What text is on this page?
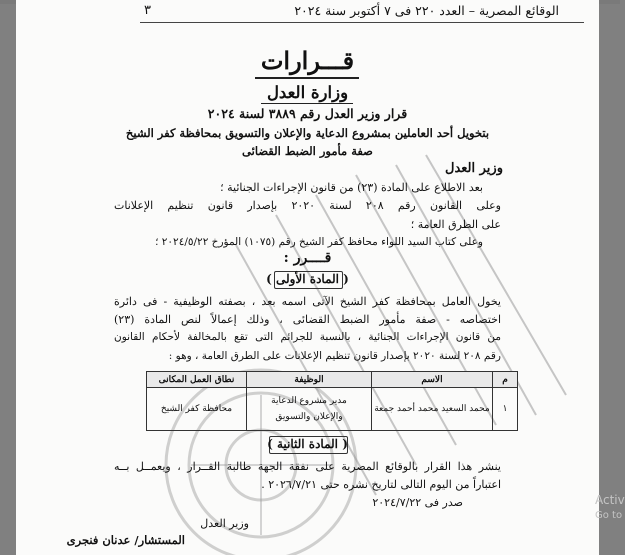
الوقائع المصرية – العدد ٢٢٠ فى ٧ أكتوبر سنة ٢٠٢٤
٣
قـــرارات
وزارة العدل
قرار وزير العدل رقم ٣٨٨٩ لسنة ٢٠٢٤
بتخويل أحد العاملين بمشروع الدعاية والإعلان والتسويق بمحافظة كفر الشيخ
صفة مأمور الضبط القضائى
وزير العدل
بعد الاطلاع على المادة (٢٣) من قانون الإجراءات الجنائية ؛
وعلى القانون رقم ٢٠٨ لسنة ٢٠٢٠ بإصدار قانون تنظيم الإعلانات
على الطرق العامة ؛
وعلى كتاب السيد اللواء محافظ كفر الشيخ رقم (١٠٧٥) المؤرخ ٢٠٢٤/٥/٢٢ ؛
قــــرر :
( المادة الأولى )
يخول العامل بمحافظة كفر الشيخ الآتى اسمه بعد ، بصفته الوظيفية - فى دائرة
اختصاصه - صفة مأمور الضبط القضائى ، وذلك إعمالاً لنص المادة (٢٣)
من قانون الإجراءات الجنائية ، بالنسبة للجرائم التى تقع بالمخالفة لأحكام القانون
رقم ٢٠٨ لسنة ٢٠٢٠ بإصدار قانون تنظيم الإعلانات على الطرق العامة ، وهو :
م	الاسم	الوظيفة	نطاق العمل المكانى
١	محمد السعيد محمد أحمد جمعة	مدير مشروع الدعاية
والإعلان والتسويق	محافظة كفر الشيخ
( المادة الثانية )
ينشر هذا القرار بالوقائع المصرية على نفقة الجهة طالبة القــرار ، ويعمــل بــه
اعتباراً من اليوم التالى لتاريخ نشره حتى ٢٠٢٦/٧/٢١ .
صدر فى ٢٠٢٤/٧/٢٢
وزير العدل
المستشار/ عدنان فنجرى
Activ
Go to
